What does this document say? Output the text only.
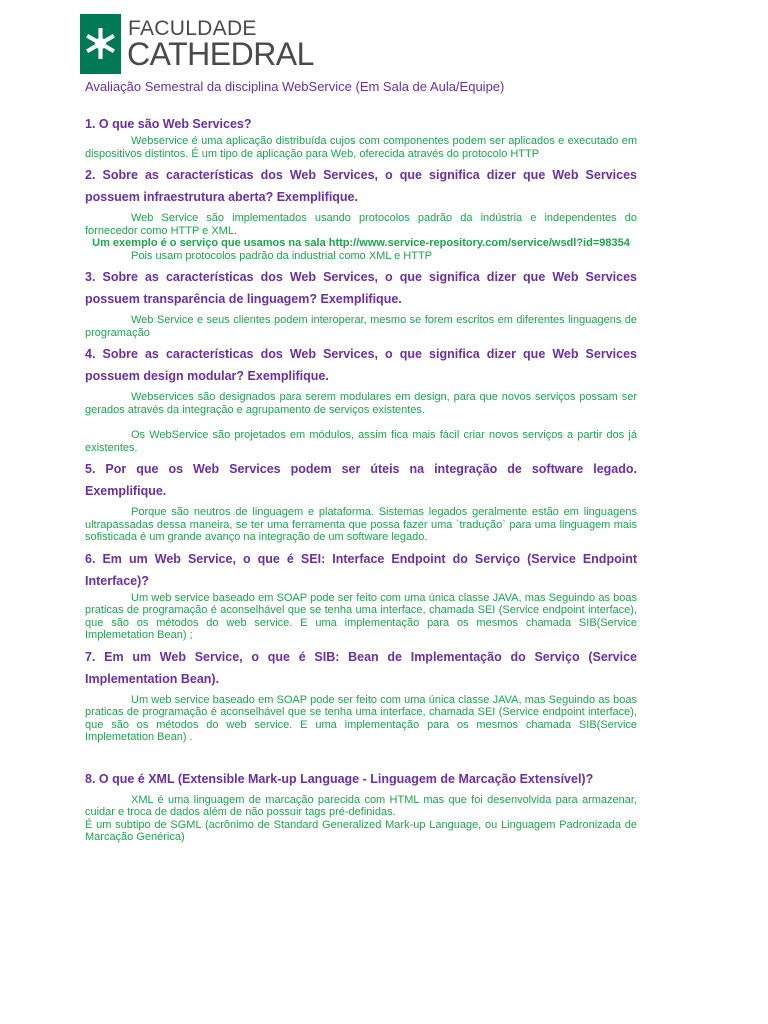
FACULDADE
CATHEDRAL

Avaliação Semestral da disciplina WebService (Em Sala de Aula/Equipe)

1. O que são Web Services?

Webservice é uma aplicação distribuída cujos com componentes podem ser aplicados e executado em dispositivos distintos. É um tipo de aplicação para Web, oferecida através do protocolo HTTP

2. Sobre as características dos Web Services, o que significa dizer que Web Services possuem infraestrutura aberta? Exemplifique.

Web Service são implementados usando protocolos padrão da indústria e independentes do fornecedor como HTTP e XML.

Um exemplo é o serviço que usamos na sala http://www.service-repository.com/service/wsdl?id=98354

Pois usam protocolos padrão da industrial como XML e HTTP

3. Sobre as características dos Web Services, o que significa dizer que Web Services possuem transparência de linguagem? Exemplifique.

Web Service e seus clientes podem interoperar, mesmo se forem escritos em diferentes linguagens de programação

4. Sobre as características dos Web Services, o que significa dizer que Web Services possuem design modular? Exemplifique.

Webservices são designados para serem modulares em design, para que novos serviços possam ser gerados através da integração e agrupamento de serviços existentes.

Os WebService são projetados em módulos, assim fica mais fácil criar novos serviços a partir dos já existentes.

5. Por que os Web Services podem ser úteis na integração de software legado. Exemplifique.

Porque são neutros de linguagem e plataforma. Sistemas legados geralmente estão em linguagens ultrapassadas dessa maneira, se ter uma ferramenta que possa fazer uma `tradução` para uma linguagem mais sofisticada é um grande avanço na integração de um software legado.

6. Em um Web Service, o que é SEI: Interface Endpoint do Serviço (Service Endpoint Interface)?

Um web service baseado em SOAP pode ser feito com uma única classe JAVA, mas Seguindo as boas praticas de programação é aconselhável que se tenha uma interface, chamada SEI (Service endpoint interface), que são os métodos do web service. E uma implementação para os mesmos chamada SIB(Service Implemetation Bean) ;

7. Em um Web Service, o que é SIB: Bean de Implementação do Serviço (Service Implementation Bean).

Um web service baseado em SOAP pode ser feito com uma única classe JAVA, mas Seguindo as boas praticas de programação é aconselhável que se tenha uma interface, chamada SEI (Service endpoint interface), que são os métodos do web service. E uma implementação para os mesmos chamada SIB(Service Implemetation Bean) .

8. O que é XML (Extensible Mark-up Language - Linguagem de Marcação Extensível)?

XML é uma linguagem de marcação parecida com HTML mas que foi desenvolvida para armazenar, cuidar e troca de dados além de não possuir tags pré-definidas.

É um subtipo de SGML (acrônimo de Standard Generalized Mark-up Language, ou Linguagem Padronizada de Marcação Genérica)
